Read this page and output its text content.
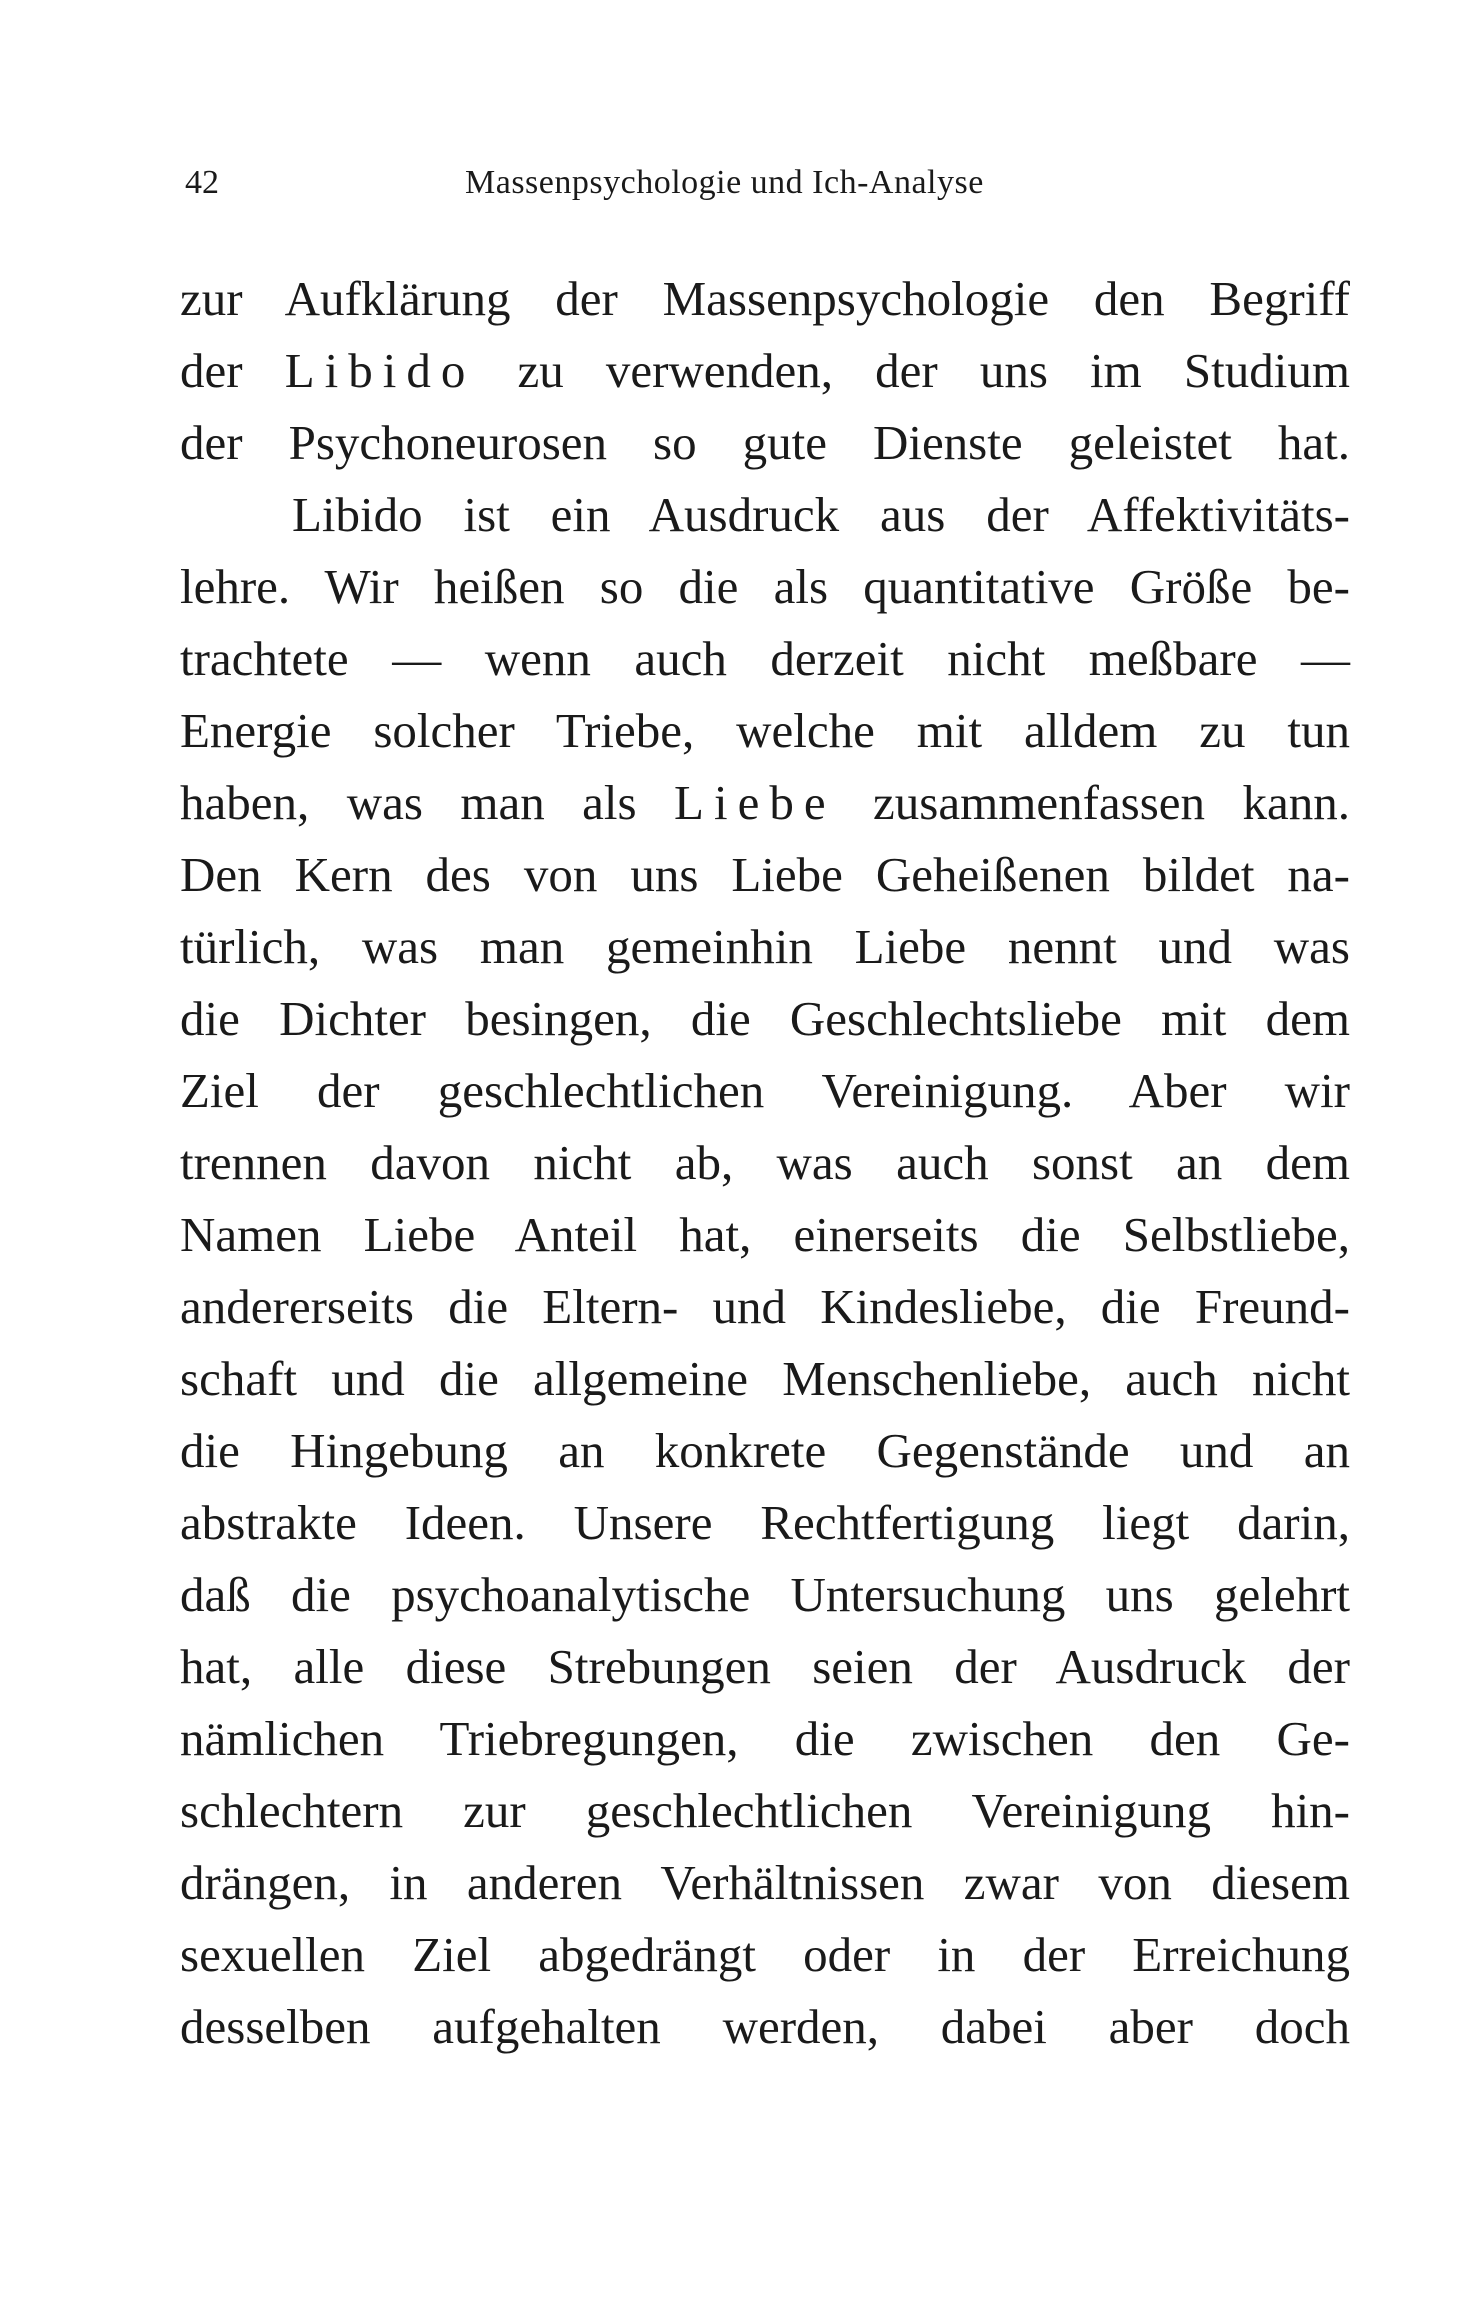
42	Massenpsychologie und Ich-Analyse
zur Aufklärung der Massenpsychologie den Begriff
der Libido zu verwenden, der uns im Studium
der Psychoneurosen so gute Dienste geleistet hat.
Libido ist ein Ausdruck aus der Affektivitäts-
lehre. Wir heißen so die als quantitative Größe be-
trachtete — wenn auch derzeit nicht meßbare —
Energie solcher Triebe, welche mit alldem zu tun
haben, was man als Liebe zusammenfassen kann.
Den Kern des von uns Liebe Geheißenen bildet na-
türlich, was man gemeinhin Liebe nennt und was
die Dichter besingen, die Geschlechtsliebe mit dem
Ziel der geschlechtlichen Vereinigung. Aber wir
trennen davon nicht ab, was auch sonst an dem
Namen Liebe Anteil hat, einerseits die Selbstliebe,
andererseits die Eltern- und Kindesliebe, die Freund-
schaft und die allgemeine Menschenliebe, auch nicht
die Hingebung an konkrete Gegenstände und an
abstrakte Ideen. Unsere Rechtfertigung liegt darin,
daß die psychoanalytische Untersuchung uns gelehrt
hat, alle diese Strebungen seien der Ausdruck der
nämlichen Triebregungen, die zwischen den Ge-
schlechtern zur geschlechtlichen Vereinigung hin-
drängen, in anderen Verhältnissen zwar von diesem
sexuellen Ziel abgedrängt oder in der Erreichung
desselben aufgehalten werden, dabei aber doch
